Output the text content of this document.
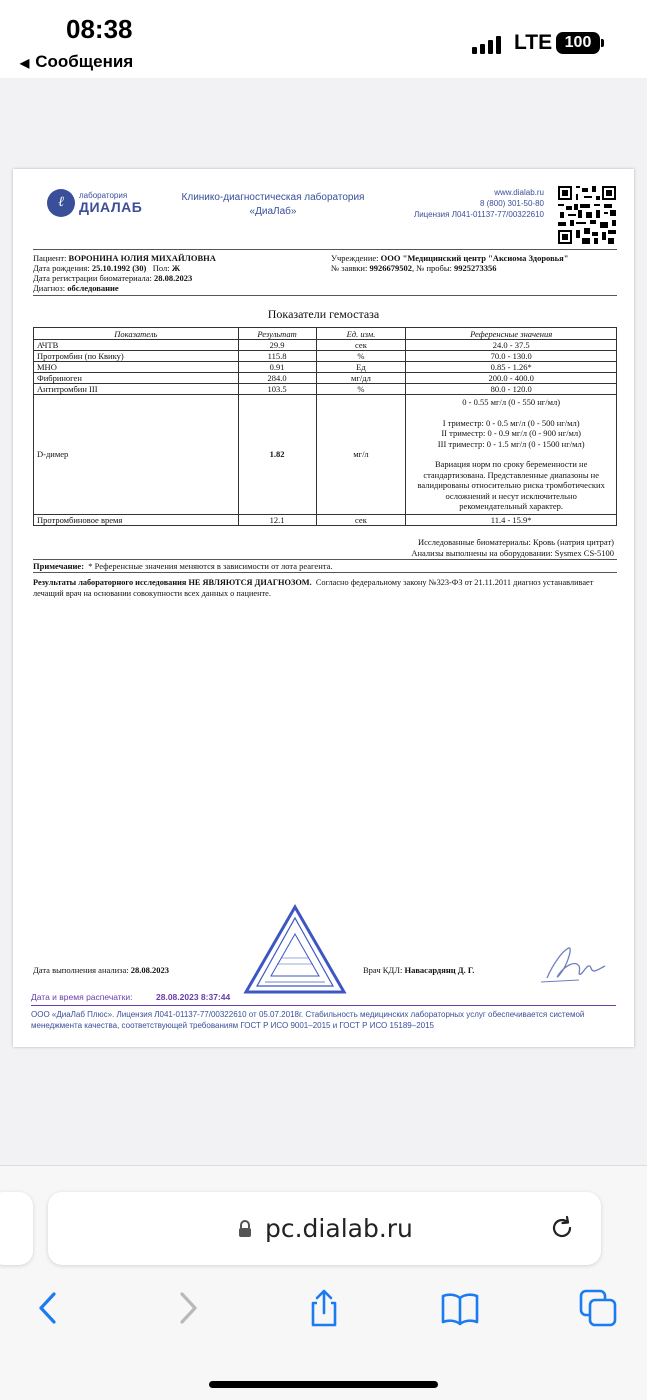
08:38
◀ Сообщения
LTE 100
ℓ	лаборатория
ДИАЛАБ
Клинико-диагностическая лаборатория
«ДиаЛаб»
www.dialab.ru
8 (800) 301-50-80
Лицензия Л041-01137-77/00322610
Пациент: ВОРОНИНА ЮЛИЯ МИХАЙЛОВНА
Дата рождения: 25.10.1992 (30) Пол: Ж
Дата регистрации биоматериала: 28.08.2023
Диагноз: обследование
Учреждение: ООО "Медицинский центр "Аксиома Здоровья"
№ заявки: 9926679502, № пробы: 9925273356
Показатели гемостаза
Показатель	Результат	Ед. изм.	Референсные значения
АЧТВ	29.9	сек	24.0 - 37.5
Протромбин (по Квику)	115.8	%	70.0 - 130.0
МНО	0.91	Ед	0.85 - 1.26*
Фибриноген	284.0	мг/дл	200.0 - 400.0
Антитромбин III	103.5	%	80.0 - 120.0
D-димер	1.82	мг/л	0 - 0.55 мг/л (0 - 550 нг/мл)
I триместр: 0 - 0.5 мг/л (0 - 500 нг/мл)
II триместр: 0 - 0.9 мг/л (0 - 900 нг/мл)
III триместр: 0 - 1.5 мг/л (0 - 1500 нг/мл)
Вариация норм по сроку беременности не стандартизована. Представленные диапазоны не валидированы относительно риска тромботических осложнений и несут исключительно рекомендательный характер.

Протромбиновое время	12.1	сек	11.4 - 15.9*
Исследованные биоматериалы: Кровь (натрия цитрат)
Анализы выполнены на оборудовании: Sysmex CS-5100
Примечание: * Референсные значения меняются в зависимости от лота реагента.
Результаты лабораторного исследования НЕ ЯВЛЯЮТСЯ ДИАГНОЗОМ. Согласно федеральному закону №323-ФЗ от 21.11.2011 диагноз устанавливает лечащий врач на основании совокупности всех данных о пациенте.
Дата выполнения анализа: 28.08.2023	Врач КДЛ: Навасардянц Д. Г.
Дата и время распечатки:	28.08.2023 8:37:44
ООО «ДиаЛаб Плюс». Лицензия Л041-01137-77/00322610 от 05.07.2018г. Стабильность медицинских лабораторных услуг обеспечивается системой менеджмента качества, соответствующей требованиям ГОСТ Р ИСО 9001–2015 и ГОСТ Р ИСО 15189–2015
pc.dialab.ru
